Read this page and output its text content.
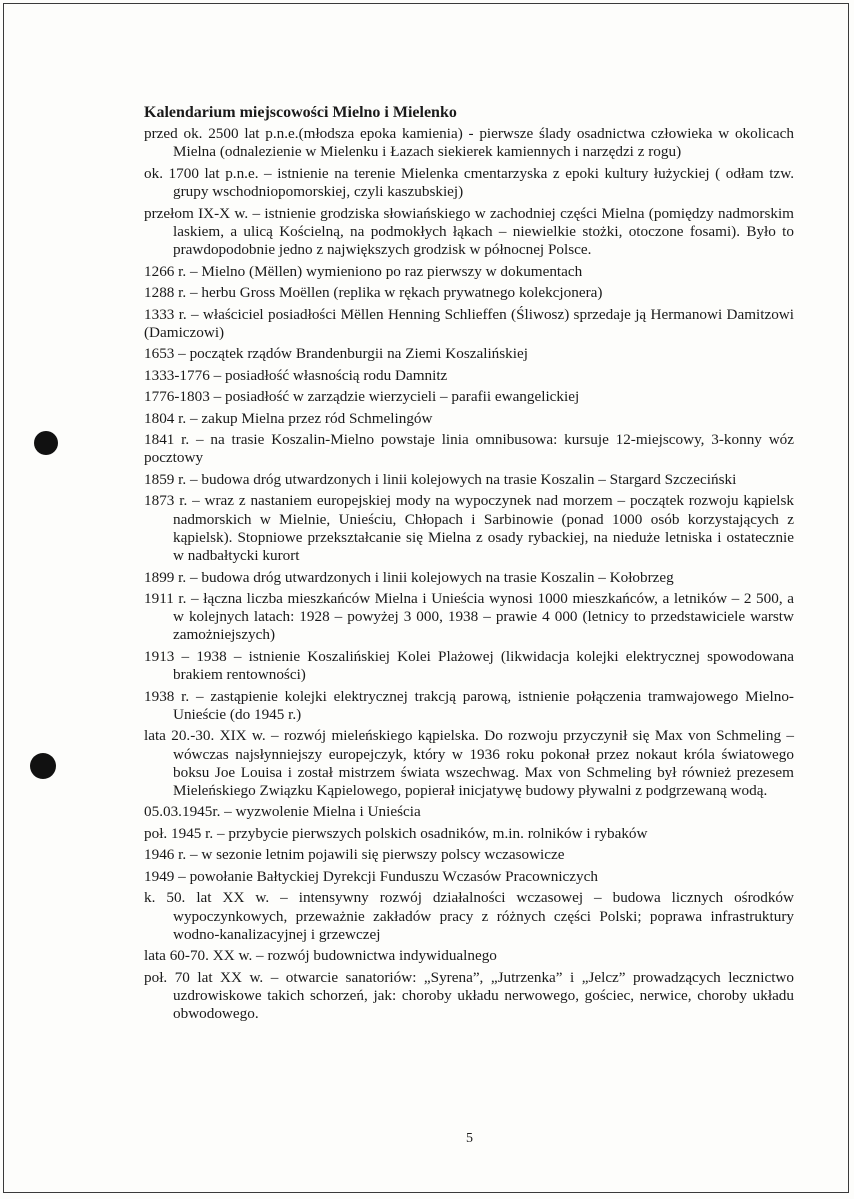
Kalendarium miejscowości Mielno i Mielenko
przed ok. 2500 lat p.n.e.(młodsza epoka kamienia) - pierwsze ślady osadnictwa człowieka w okolicach Mielna (odnalezienie w Mielenku i Łazach siekierek kamiennych i narzędzi z rogu)
ok. 1700 lat p.n.e. – istnienie na terenie Mielenka cmentarzyska z epoki kultury łużyckiej ( odłam tzw. grupy wschodniopomorskiej, czyli kaszubskiej)
przełom IX-X w. – istnienie grodziska słowiańskiego w zachodniej części Mielna (pomiędzy nadmorskim laskiem, a ulicą Kościelną, na podmokłych łąkach – niewielkie stożki, otoczone fosami). Było to prawdopodobnie jedno z największych grodzisk w północnej Polsce.
1266 r. – Mielno (Mëllen) wymieniono po raz pierwszy w dokumentach
1288 r. – herbu Gross Moëllen (replika w rękach prywatnego kolekcjonera)
1333 r. – właściciel posiadłości Mëllen Henning Schlieffen (Śliwosz) sprzedaje ją Hermanowi Damitzowi (Damiczowi)
1653 – początek rządów Brandenburgii na Ziemi Koszalińskiej
1333-1776 – posiadłość własnością rodu Damnitz
1776-1803 – posiadłość w zarządzie wierzycieli – parafii ewangelickiej
1804 r. – zakup Mielna przez ród Schmelingów
1841 r. – na trasie Koszalin-Mielno powstaje linia omnibusowa: kursuje 12-miejscowy, 3-konny wóz pocztowy
1859 r. – budowa dróg utwardzonych i linii kolejowych na trasie Koszalin – Stargard Szczeciński
1873 r. – wraz z nastaniem europejskiej mody na wypoczynek nad morzem – początek rozwoju kąpielsk nadmorskich w Mielnie, Unieściu, Chłopach i Sarbinowie (ponad 1000 osób korzystających z kąpielsk). Stopniowe przekształcanie się Mielna z osady rybackiej, na nieduże letniska i ostatecznie w nadbałtycki kurort
1899 r. – budowa dróg utwardzonych i linii kolejowych na trasie Koszalin – Kołobrzeg
1911 r. – łączna liczba mieszkańców Mielna i Unieścia wynosi 1000 mieszkańców, a letników – 2 500, a w kolejnych latach: 1928 – powyżej 3 000, 1938 – prawie 4 000 (letnicy to przedstawiciele warstw zamożniejszych)
1913 – 1938 – istnienie Koszalińskiej Kolei Plażowej (likwidacja kolejki elektrycznej spowodowana brakiem rentowności)
1938 r. – zastąpienie kolejki elektrycznej trakcją parową, istnienie połączenia tramwajowego Mielno-Unieście (do 1945 r.)
lata 20.-30. XIX w. – rozwój mieleńskiego kąpielska. Do rozwoju przyczynił się Max von Schmeling – wówczas najsłynniejszy europejczyk, który w 1936 roku pokonał przez nokaut króla światowego boksu Joe Louisa i został mistrzem świata wszechwag. Max von Schmeling był również prezesem Mieleńskiego Związku Kąpielowego, popierał inicjatywę budowy pływalni z podgrzewaną wodą.
05.03.1945r. – wyzwolenie Mielna i Unieścia
poł. 1945 r. – przybycie pierwszych polskich osadników, m.in. rolników i rybaków
1946 r. – w sezonie letnim pojawili się pierwszy polscy wczasowicze
1949 – powołanie Bałtyckiej Dyrekcji Funduszu Wczasów Pracowniczych
k. 50. lat XX w. – intensywny rozwój działalności wczasowej – budowa licznych ośrodków wypoczynkowych, przeważnie zakładów pracy z różnych części Polski; poprawa infrastruktury wodno-kanalizacyjnej i grzewczej
lata 60-70. XX w. – rozwój budownictwa indywidualnego
poł. 70 lat XX w. – otwarcie sanatoriów: „Syrena”, „Jutrzenka” i „Jelcz” prowadzących lecznictwo uzdrowiskowe takich schorzeń, jak: choroby układu nerwowego, gościec, nerwice, choroby układu obwodowego.
5
